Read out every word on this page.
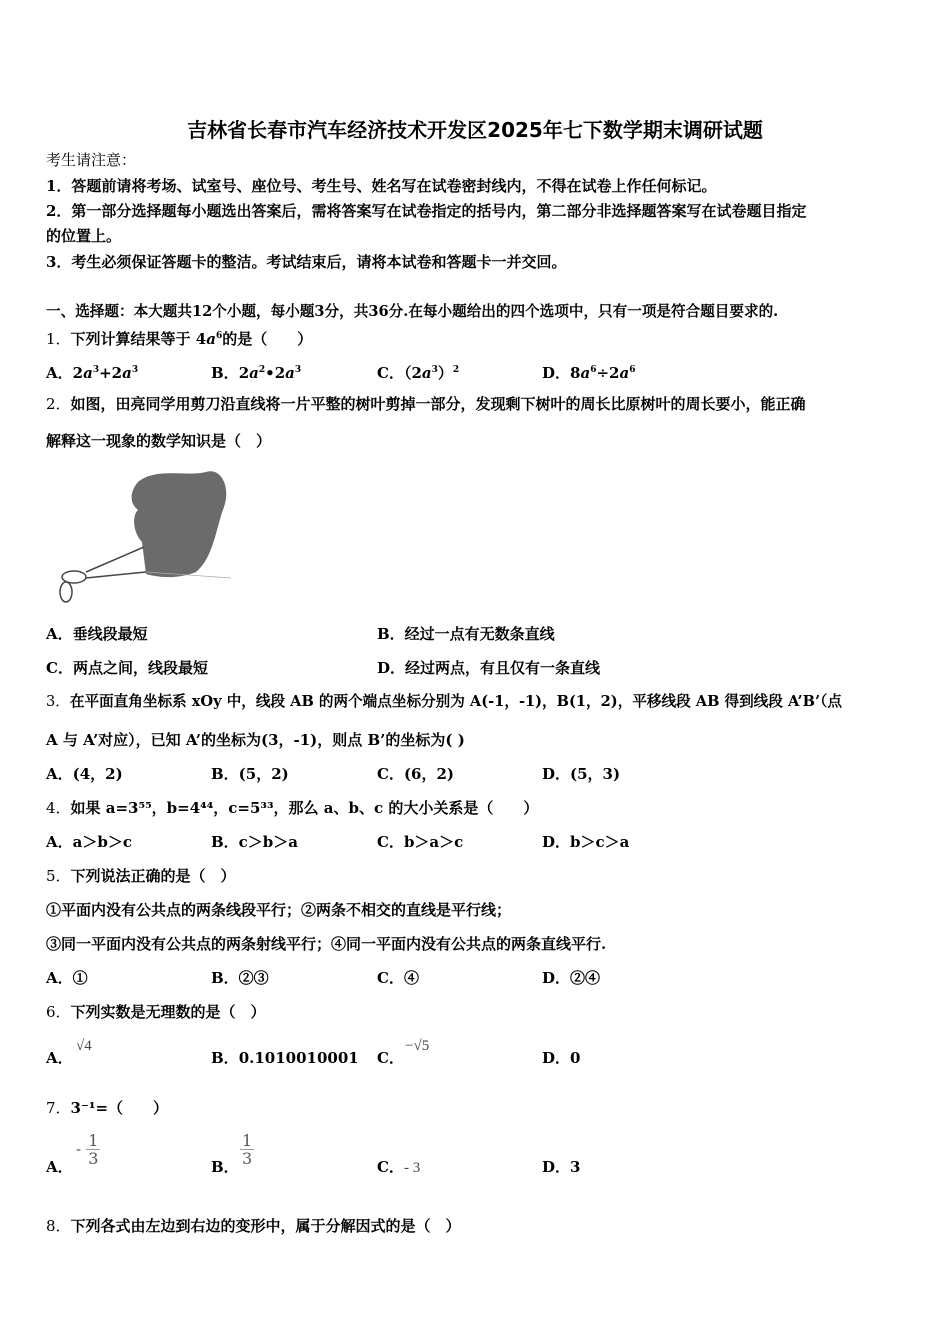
吉林省长春市汽车经济技术开发区2025年七下数学期末调研试题
考生请注意：
1．答题前请将考场、试室号、座位号、考生号、姓名写在试卷密封线内，不得在试卷上作任何标记。
2．第一部分选择题每小题选出答案后，需将答案写在试卷指定的括号内，第二部分非选择题答案写在试卷题目指定
的位置上。
3．考生必须保证答题卡的整洁。考试结束后，请将本试卷和答题卡一并交回。
一、选择题：本大题共12个小题，每小题3分，共36分.在每小题给出的四个选项中，只有一项是符合题目要求的.
1．下列计算结果等于 $4a^6$的是（　　）
A．$2a^3+2a^3$	B．$2a^2•2a^3$	C．$(2a^3)^2$	D．$8a^6\div 2a^6$
2．如图，田亮同学用剪刀沿直线将一片平整的树叶剪掉一部分，发现剩下树叶的周长比原树叶的周长要小，能正确
解释这一现象的数学知识是（　）
A．垂线段最短	B．经过一点有无数条直线
C．两点之间，线段最短	D．经过两点，有且仅有一条直线
3．在平面直角坐标系 xOy 中，线段 AB 的两个端点坐标分别为 A(-1，-1)，B(1，2)，平移线段 AB 得到线段 A’B’（点
A 与 A’对应），已知 A’的坐标为(3，-1)，则点 B’的坐标为( )
A．(4，2)	B．(5，2)	C．(6，2)	D．(5，3)
4．如果 a=3⁵⁵，b=4⁴⁴，c=5³³，那么 a、b、c 的大小关系是（　　）
A．a＞b＞c	B．c＞b＞a	C．b＞a＞c	D．b＞c＞a
5．下列说法正确的是（　）
①平面内没有公共点的两条线段平行；②两条不相交的直线是平行线；
③同一平面内没有公共点的两条射线平行；④同一平面内没有公共点的两条直线平行.
A．①	B．②③	C．④	D．②④
6．下列实数是无理数的是（　）
A．
√4
B．0.1010010001 C．
−√5
D．0
7．3⁻¹=（　　）
A．
- $\frac{1}{3}$	B． $\frac{1}{3}$	C．- 3	D．3
8．下列各式由左边到右边的变形中，属于分解因式的是（　）
